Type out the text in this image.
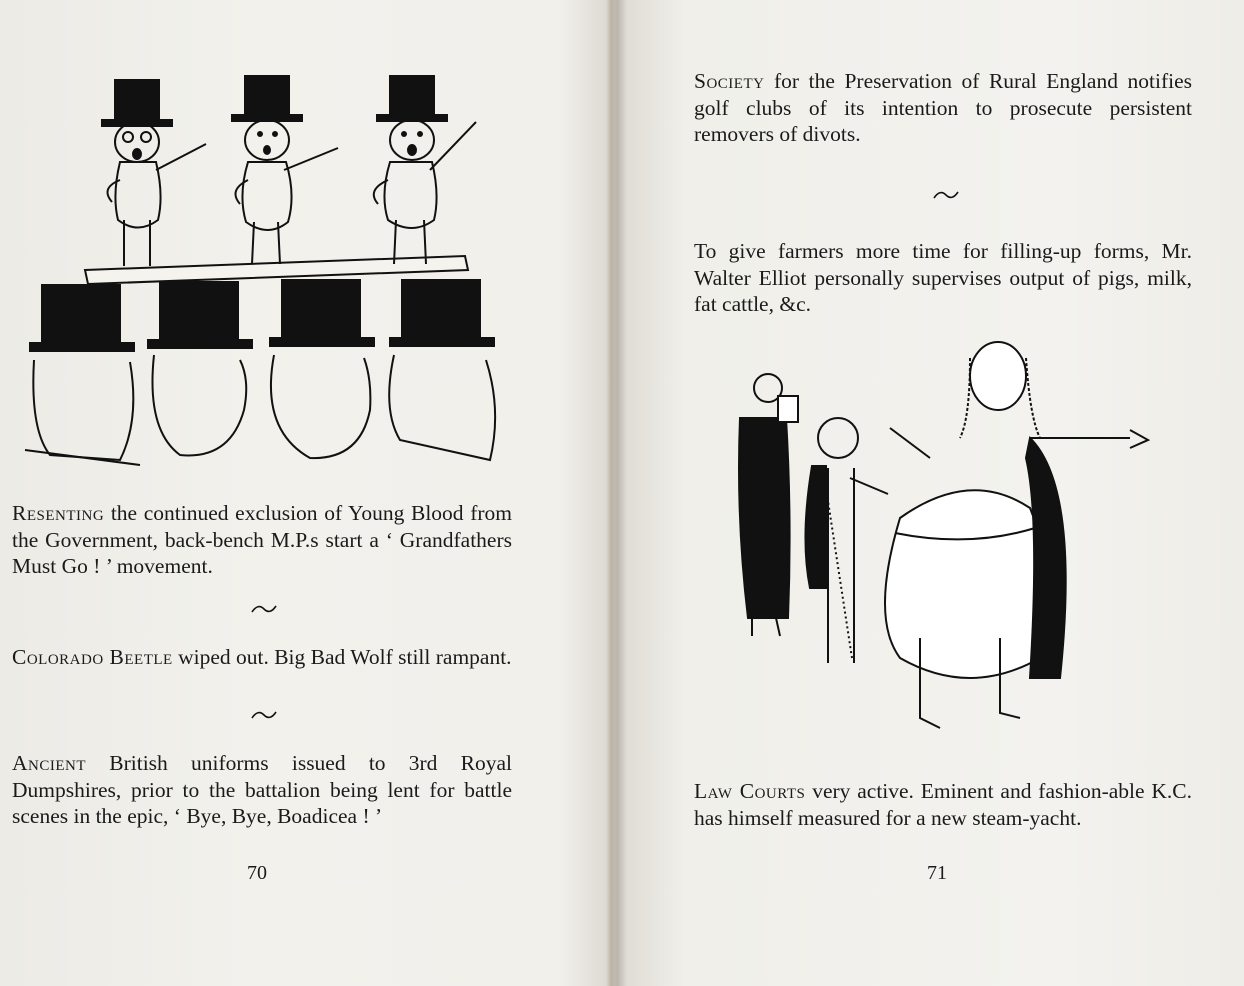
Resenting the continued exclusion of Young Blood from the Government, back-bench M.P.s start a ‘ Grandfathers Must Go ! ’ movement.

Colorado Beetle wiped out. Big Bad Wolf still rampant.

Ancient British uniforms issued to 3rd Royal Dumpshires, prior to the battalion being lent for battle scenes in the epic, ‘ Bye, Bye, Boadicea ! ’

70

Society for the Preservation of Rural England notifies golf clubs of its intention to prosecute persistent removers of divots.

To give farmers more time for filling-up forms, Mr. Walter Elliot personally supervises output of pigs, milk, fat cattle, &c.

Law Courts very active. Eminent and fashion-able K.C. has himself measured for a new steam-yacht.

71
